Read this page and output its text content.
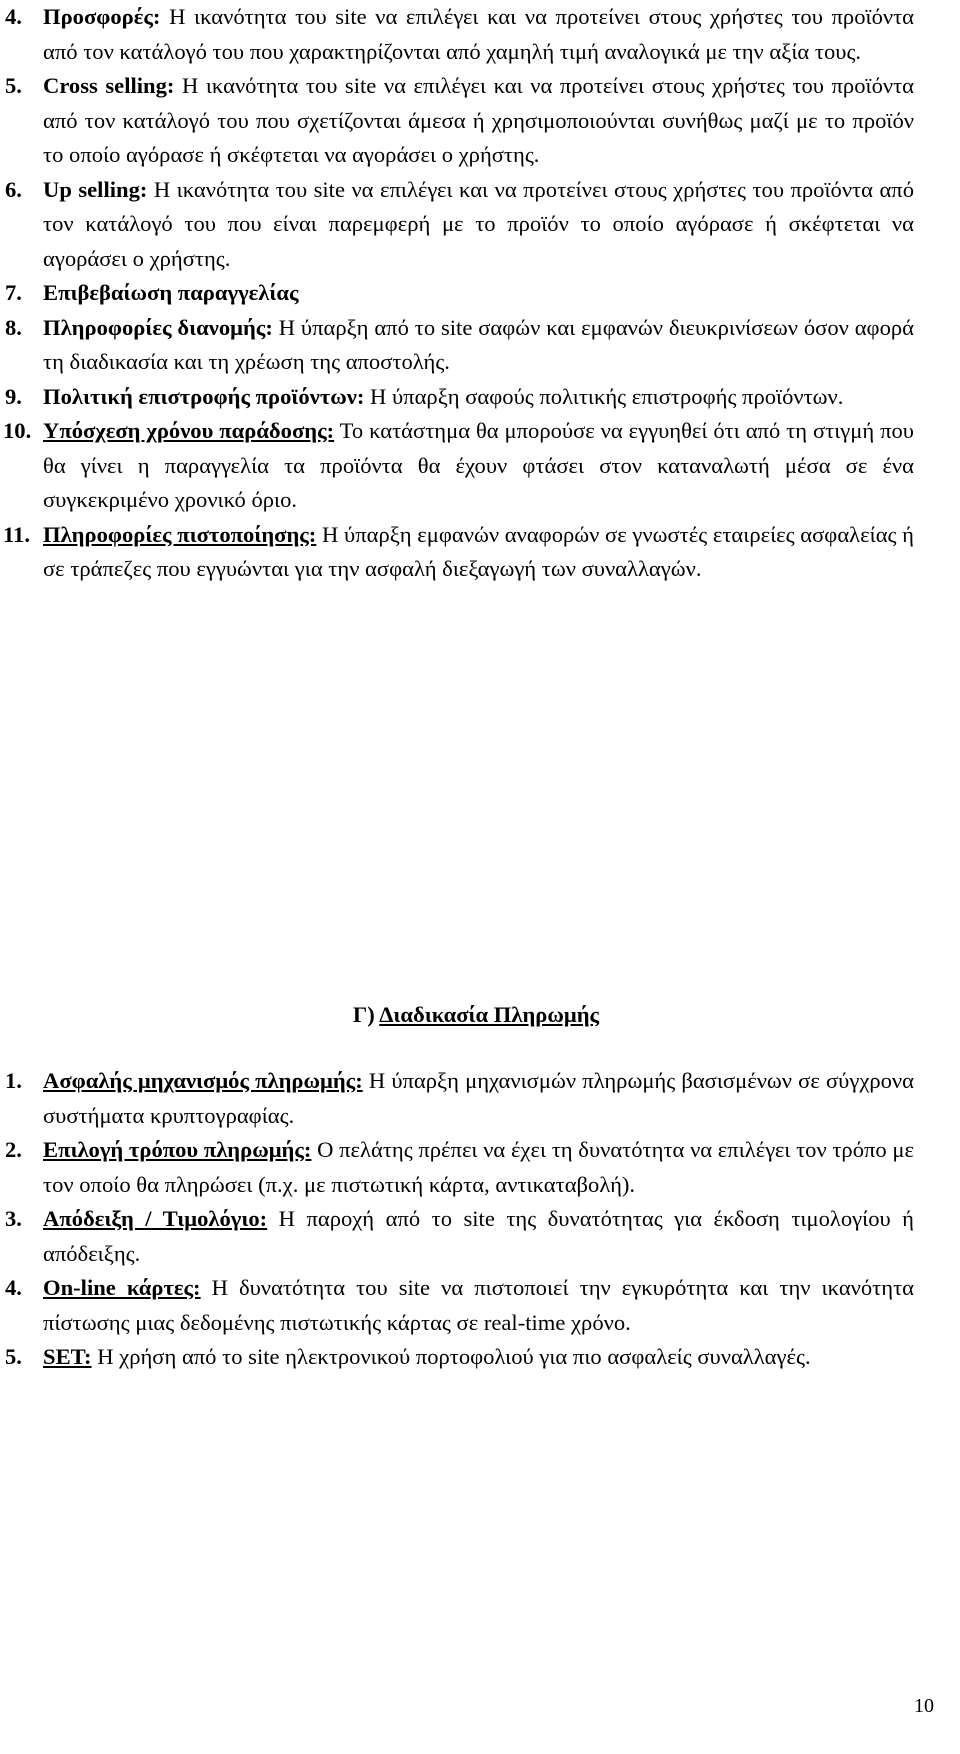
4. Προσφορές: Η ικανότητα του site να επιλέγει και να προτείνει στους χρήστες του προϊόντα από τον κατάλογό του που χαρακτηρίζονται από χαμηλή τιμή αναλογικά με την αξία τους.
5. Cross selling: Η ικανότητα του site να επιλέγει και να προτείνει στους χρήστες του προϊόντα από τον κατάλογό του που σχετίζονται άμεσα ή χρησιμοποιούνται συνήθως μαζί με το προϊόν το οποίο αγόρασε ή σκέφτεται να αγοράσει ο χρήστης.
6. Up selling: Η ικανότητα του site να επιλέγει και να προτείνει στους χρήστες του προϊόντα από τον κατάλογό του που είναι παρεμφερή με το προϊόν το οποίο αγόρασε ή σκέφτεται να αγοράσει ο χρήστης.
7. Επιβεβαίωση παραγγελίας
8. Πληροφορίες διανομής: Η ύπαρξη από το site σαφών και εμφανών διευκρινίσεων όσον αφορά τη διαδικασία και τη χρέωση της αποστολής.
9. Πολιτική επιστροφής προϊόντων: Η ύπαρξη σαφούς πολιτικής επιστροφής προϊόντων.
10. Υπόσχεση χρόνου παράδοσης: Το κατάστημα θα μπορούσε να εγγυηθεί ότι από τη στιγμή που θα γίνει η παραγγελία τα προϊόντα θα έχουν φτάσει στον καταναλωτή μέσα σε ένα συγκεκριμένο χρονικό όριο.
11. Πληροφορίες πιστοποίησης: Η ύπαρξη εμφανών αναφορών σε γνωστές εταιρείες ασφαλείας ή σε τράπεζες που εγγυώνται για την ασφαλή διεξαγωγή των συναλλαγών.
Γ) Διαδικασία Πληρωμής
1. Ασφαλής μηχανισμός πληρωμής: Η ύπαρξη μηχανισμών πληρωμής βασισμένων σε σύγχρονα συστήματα κρυπτογραφίας.
2. Επιλογή τρόπου πληρωμής: Ο πελάτης πρέπει να έχει τη δυνατότητα να επιλέγει τον τρόπο με τον οποίο θα πληρώσει (π.χ. με πιστωτική κάρτα, αντικαταβολή).
3. Απόδειξη / Τιμολόγιο: Η παροχή από το site της δυνατότητας για έκδοση τιμολογίου ή απόδειξης.
4. On-line κάρτες: Η δυνατότητα του site να πιστοποιεί την εγκυρότητα και την ικανότητα πίστωσης μιας δεδομένης πιστωτικής κάρτας σε real-time χρόνο.
5. SET: Η χρήση από το site ηλεκτρονικού πορτοφολιού για πιο ασφαλείς συναλλαγές.
10
